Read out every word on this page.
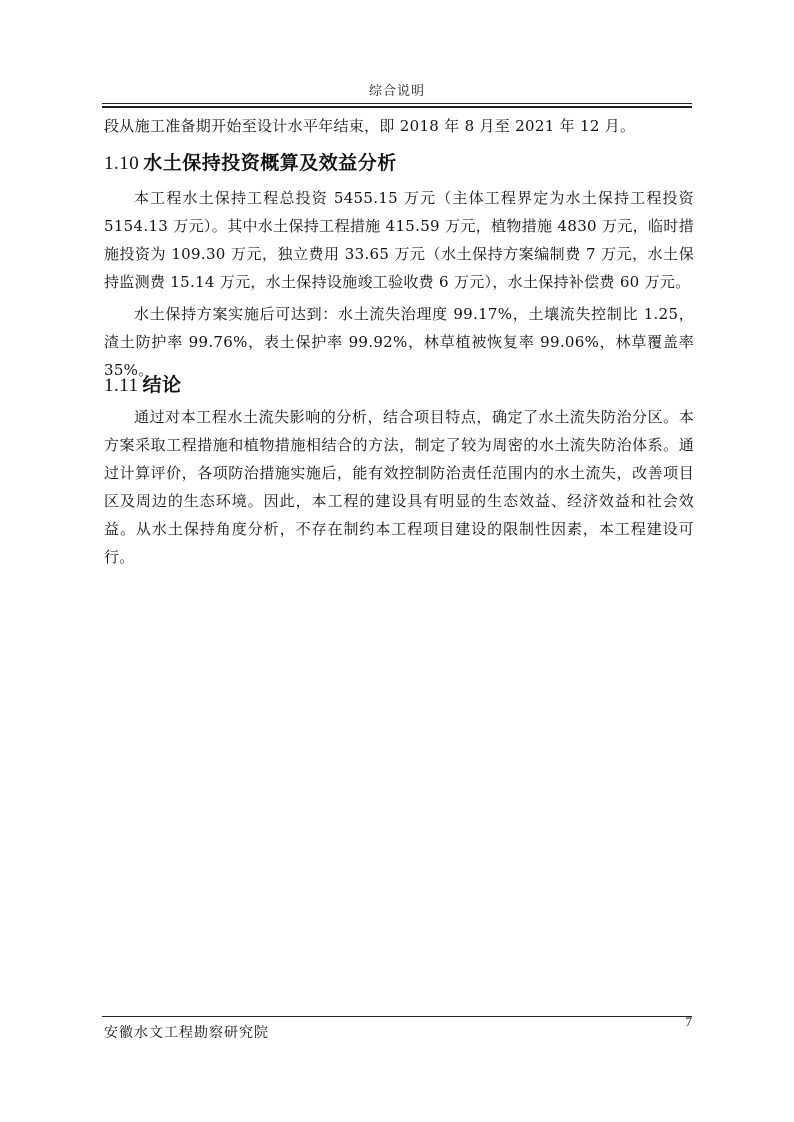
综合说明

段从施工准备期开始至设计水平年结束，即 2018 年 8 月至 2021 年 12 月。

1.10 水土保持投资概算及效益分析

本工程水土保持工程总投资 5455.15 万元（主体工程界定为水土保持工程投资 5154.13 万元）。其中水土保持工程措施 415.59 万元，植物措施 4830 万元，临时措施投资为 109.30 万元，独立费用 33.65 万元（水土保持方案编制费 7 万元，水土保持监测费 15.14 万元，水土保持设施竣工验收费 6 万元），水土保持补偿费 60 万元。

水土保持方案实施后可达到：水土流失治理度 99.17%，土壤流失控制比 1.25，渣土防护率 99.76%，表土保护率 99.92%，林草植被恢复率 99.06%，林草覆盖率 35%。

1.11 结论

通过对本工程水土流失影响的分析，结合项目特点，确定了水土流失防治分区。本方案采取工程措施和植物措施相结合的方法，制定了较为周密的水土流失防治体系。通过计算评价，各项防治措施实施后，能有效控制防治责任范围内的水土流失，改善项目区及周边的生态环境。因此，本工程的建设具有明显的生态效益、经济效益和社会效益。从水土保持角度分析，不存在制约本工程项目建设的限制性因素，本工程建设可行。

安徽水文工程勘察研究院
7
